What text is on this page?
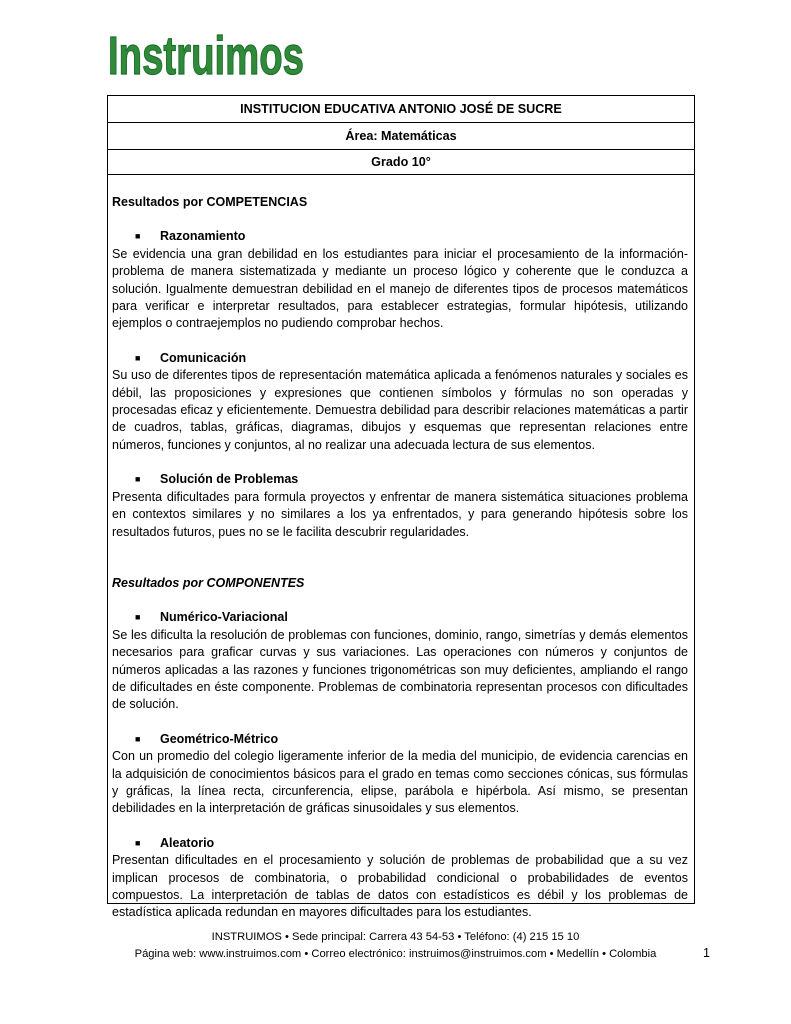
Instruimos
INSTITUCION EDUCATIVA ANTONIO JOSÉ DE SUCRE
Área: Matemáticas
Grado 10°

Resultados por COMPETENCIAS

■ Razonamiento

Se evidencia una gran debilidad en los estudiantes para iniciar el procesamiento de la información-problema de manera sistematizada y mediante un proceso lógico y coherente que le conduzca a solución. Igualmente demuestran debilidad en el manejo de diferentes tipos de procesos matemáticos para verificar e interpretar resultados, para establecer estrategias, formular hipótesis, utilizando ejemplos o contraejemplos no pudiendo comprobar hechos.

■ Comunicación

Su uso de diferentes tipos de representación matemática aplicada a fenómenos naturales y sociales es débil, las proposiciones y expresiones que contienen símbolos y fórmulas no son operadas y procesadas eficaz y eficientemente. Demuestra debilidad para describir relaciones matemáticas a partir de cuadros, tablas, gráficas, diagramas, dibujos y esquemas que representan relaciones entre números, funciones y conjuntos, al no realizar una adecuada lectura de sus elementos.

■ Solución de Problemas

Presenta dificultades para formula proyectos y enfrentar de manera sistemática situaciones problema en contextos similares y no similares a los ya enfrentados, y para generando hipótesis sobre los resultados futuros, pues no se le facilita descubrir regularidades.

Resultados por COMPONENTES

■ Numérico-Variacional

Se les dificulta la resolución de problemas con funciones, dominio, rango, simetrías y demás elementos necesarios para graficar curvas y sus variaciones. Las operaciones con números y conjuntos de números aplicadas a las razones y funciones trigonométricas son muy deficientes, ampliando el rango de dificultades en éste componente. Problemas de combinatoria representan procesos con dificultades de solución.

■ Geométrico-Métrico

Con un promedio del colegio ligeramente inferior de la media del municipio, de evidencia carencias en la adquisición de conocimientos básicos para el grado en temas como secciones cónicas, sus fórmulas y gráficas, la línea recta, circunferencia, elipse, parábola e hipérbola. Así mismo, se presentan debilidades en la interpretación de gráficas sinusoidales y sus elementos.

■ Aleatorio

Presentan dificultades en el procesamiento y solución de problemas de probabilidad que a su vez implican procesos de combinatoria, o probabilidad condicional o probabilidades de eventos compuestos. La interpretación de tablas de datos con estadísticos es débil y los problemas de estadística aplicada redundan en mayores dificultades para los estudiantes.

INSTRUIMOS • Sede principal: Carrera 43 54-53 • Teléfono: (4) 215 15 10
Página web: www.instruimos.com • Correo electrónico: instruimos@instruimos.com • Medellín • Colombia	1
